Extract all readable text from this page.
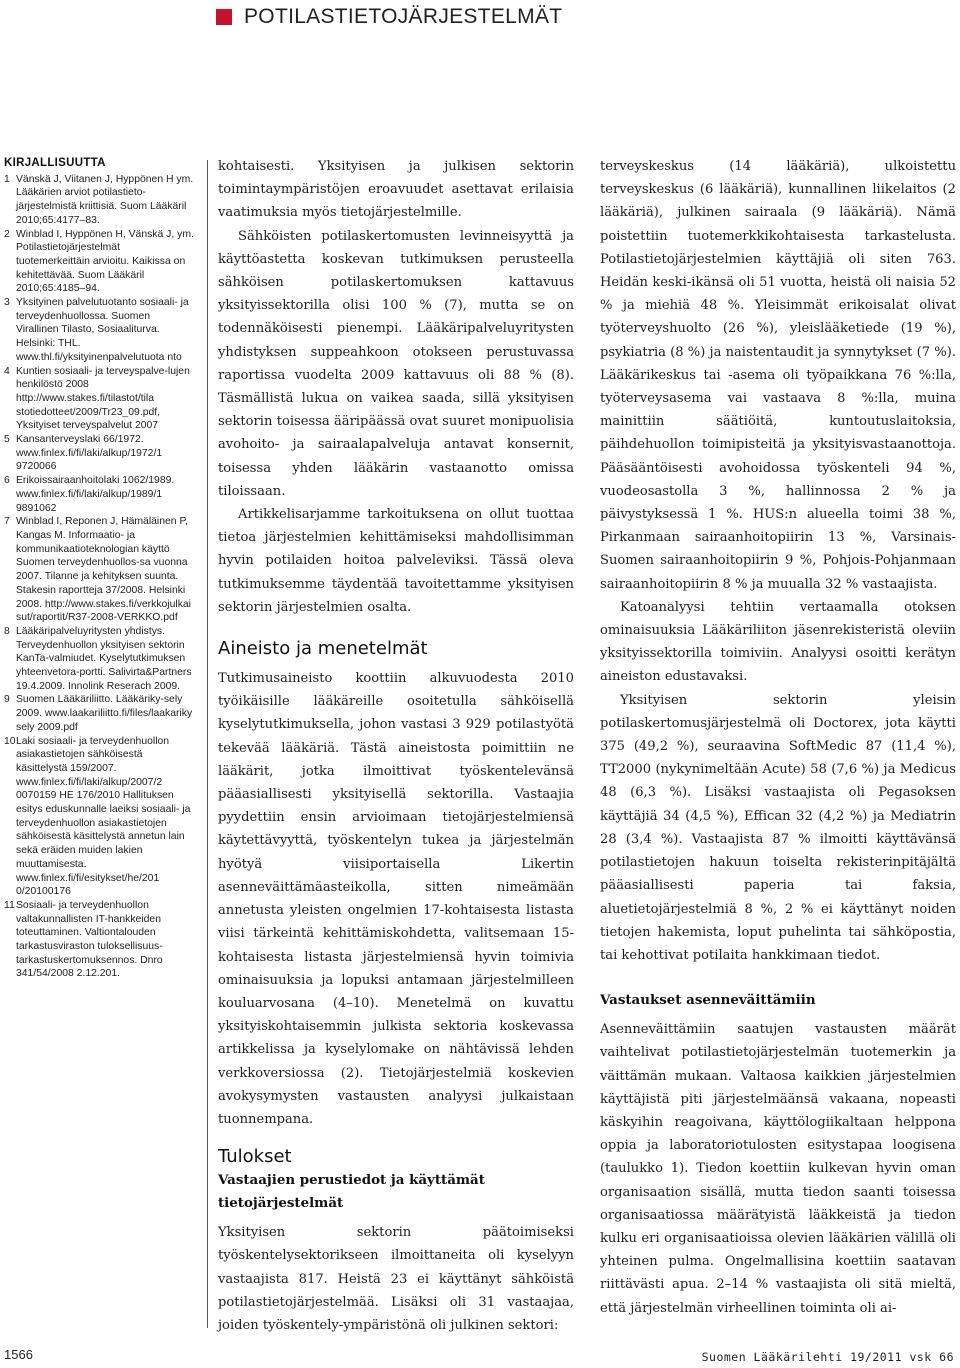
POTILASTIETOJÄRJESTELMÄT
KIRJALLISUUTTA
1 Vänskä J, Viitanen J, Hyppönen H ym. Lääkärien arviot potilastieto-järjestelmistä kriittisiä. Suom Lääkäril 2010;65:4177–83.
2 Winblad I, Hyppönen H, Vänskä J, ym. Potilastietojärjestelmät tuotemerkeittäin arvioitu. Kaikissa on kehitettävää. Suom Lääkäril 2010;65:4185–94.
3 Yksityinen palvelutuotanto sosiaali- ja terveydenhuollossa. Suomen Virallinen Tilasto, Sosiaaliturva. Helsinki: THL. www.thl.fi/yksityinenpalvelutuota nto
4 Kuntien sosiaali- ja terveyspalve-lujen henkilöstö 2008 http://www.stakes.fi/tilastot/tila stotiedotteet/2009/Tr23_09.pdf, Yksityiset terveyspalvelut 2007
5 Kansanterveyslaki 66/1972. www.finlex.fi/fi/laki/alkup/1972/1 9720066
6 Erikoissairaanhoitolaki 1062/1989. www.finlex.fi/fi/laki/alkup/1989/1 9891062
7 Winblad I, Reponen J, Hämäläinen P, Kangas M. Informaatio- ja kommunikaatioteknologian käyttö Suomen terveydenhuollos-sa vuonna 2007. Tilanne ja kehityksen suunta. Stakesin raportteja 37/2008. Helsinki 2008. http://www.stakes.fi/verkkojulkai sut/raportit/R37-2008-VERKKO.pdf
8 Lääkäripalveluyritysten yhdistys. Terveydenhuollon yksityisen sektorin KanTa-valmiudet. Kyselytutkimuksen yhteenvetora-portti. Salivirta&Partners 19.4.2009. Innolink Reserach 2009.
9 Suomen Lääkäriliitto. Lääkäriky-sely 2009. www.laakariliitto.fi/files/laakariky sely 2009.pdf
10 Laki sosiaali- ja terveydenhuollon asiakastietojen sähköisestä käsittelystä 159/2007. www.finlex.fi/fi/laki/alkup/2007/2 0070159 HE 176/2010 Hallituksen esitys eduskunnalle laeiksi sosiaali- ja terveydenhuollon asiakastietojen sähköisestä käsittelystä annetun lain sekä eräiden muiden lakien muuttamisesta. www.finlex.fi/fi/esitykset/he/201 0/20100176
11 Sosiaali- ja terveydenhuollon valtakunnallisten IT-hankkeiden toteuttaminen. Valtiontalouden tarkastusviraston tuloksellisuus-tarkastuskertomuksennos. Dnro 341/54/2008 2.12.201.

kohtaisesti. Yksityisen ja julkisen sektorin toimintaympäristöjen eroavuudet asettavat erilaisia vaatimuksia myös tietojärjestelmille.

Sähköisten potilaskertomusten levinneisyyttä ja käyttöastetta koskevan tutkimuksen perusteella sähköisen potilaskertomuksen kattavuus yksityissektorilla olisi 100 % (7), mutta se on todennäköisesti pienempi. Lääkäripalveluyritysten yhdistyksen suppeahkoon otokseen perustuvassa raportissa vuodelta 2009 kattavuus oli 88 % (8). Täsmällistä lukua on vaikea saada, sillä yksityisen sektorin toisessa ääripäässä ovat suuret monipuolisia avohoito- ja sairaalapalveluja antavat konsernit, toisessa yhden lääkärin vastaanotto omissa tiloissaan.

Artikkelisarjamme tarkoituksena on ollut tuottaa tietoa järjestelmien kehittämiseksi mahdollisimman hyvin potilaiden hoitoa palveleviksi. Tässä oleva tutkimuksemme täydentää tavoitettamme yksityisen sektorin järjestelmien osalta.

Aineisto ja menetelmät

Tutkimusaineisto koottiin alkuvuodesta 2010 työikäisille lääkäreille osoitetulla sähköisellä kyselytutkimuksella, johon vastasi 3 929 potilastyötä tekevää lääkäriä. Tästä aineistosta poimittiin ne lääkärit, jotka ilmoittivat työskentelevänsä pääasiallisesti yksityisellä sektorilla. Vastaajia pyydettiin ensin arvioimaan tietojärjestelmiensä käytettävyyttä, työskentelyn tukea ja järjestelmän hyötyä viisiportaisella Likertin asenneväittämäasteikolla, sitten nimeämään annetusta yleisten ongelmien 17-kohtaisesta listasta viisi tärkeintä kehittämiskohdetta, valitsemaan 15-kohtaisesta listasta järjestelmiensä hyvin toimivia ominaisuuksia ja lopuksi antamaan järjestelmilleen kouluarvosana (4–10). Menetelmä on kuvattu yksityiskohtaisemmin julkista sektoria koskevassa artikkelissa ja kyselylomake on nähtävissä lehden verkkoversiossa (2). Tietojärjestelmiä koskevien avokysymysten vastausten analyysi julkaistaan tuonnempana.

Tulokset
Vastaajien perustiedot ja käyttämät tietojärjestelmät

Yksityisen sektorin päätoimiseksi työskentelysektorikseen ilmoittaneita oli kyselyyn vastaajista 817. Heistä 23 ei käyttänyt sähköistä potilastietojärjestelmää. Lisäksi oli 31 vastaajaa, joiden työskentely-ympäristönä oli julkinen sektori:

terveyskeskus (14 lääkäriä), ulkoistettu terveyskeskus (6 lääkäriä), kunnallinen liikelaitos (2 lääkäriä), julkinen sairaala (9 lääkäriä). Nämä poistettiin tuotemerkkikohtaisesta tarkastelusta. Potilastietojärjestelmien käyttäjiä oli siten 763. Heidän keski-ikänsä oli 51 vuotta, heistä oli naisia 52 % ja miehiä 48 %. Yleisimmät erikoisalat olivat työterveyshuolto (26 %), yleislääketiede (19 %), psykiatria (8 %) ja naistentaudit ja synnytykset (7 %). Lääkärikeskus tai -asema oli työpaikkana 76 %:lla, työterveysasema vai vastaava 8 %:lla, muina mainittiin säätiöitä, kuntoutuslaitoksia, päihdehuollon toimipisteitä ja yksityisvastaanottoja. Pääsääntöisesti avohoidossa työskenteli 94 %, vuodeosastolla 3 %, hallinnossa 2 % ja päivystyksessä 1 %. HUS:n alueella toimi 38 %, Pirkanmaan sairaanhoitopiirin 13 %, Varsinais-Suomen sairaanhoitopiirin 9 %, Pohjois-Pohjanmaan sairaanhoitopiirin 8 % ja muualla 32 % vastaajista.

Katoanalyysi tehtiin vertaamalla otoksen ominaisuuksia Lääkäriliiton jäsenrekisteristä oleviin yksityissektorilla toimiviin. Analyysi osoitti kerätyn aineiston edustavaksi.

Yksityisen sektorin yleisin potilaskertomusjärjestelmä oli Doctorex, jota käytti 375 (49,2 %), seuraavina SoftMedic 87 (11,4 %), TT2000 (nykynimeltään Acute) 58 (7,6 %) ja Medicus 48 (6,3 %). Lisäksi vastaajista oli Pegasoksen käyttäjiä 34 (4,5 %), Effican 32 (4,2 %) ja Mediatrin 28 (3,4 %). Vastaajista 87 % ilmoitti käyttävänsä potilastietojen hakuun toiselta rekisterinpitäjältä pääasiallisesti paperia tai faksia, aluetietojärjestelmiä 8 %, 2 % ei käyttänyt noiden tietojen hakemista, loput puhelinta tai sähköpostia, tai kehottivat potilaita hankkimaan tiedot.

Vastaukset asenneväittämiin

Asenneväittämiin saatujen vastausten määrät vaihtelivat potilastietojärjestelmän tuotemerkin ja väittämän mukaan. Valtaosa kaikkien järjestelmien käyttäjistä piti järjestelmäänsä vakaana, nopeasti käskyihin reagoivana, käyttölogiikaltaan helppona oppia ja laboratoriotulosten esitystapaa loogisena (taulukko 1). Tiedon koettiin kulkevan hyvin oman organisaation sisällä, mutta tiedon saanti toisessa organisaatiossa määrätyistä lääkkeistä ja tiedon kulku eri organisaatioissa olevien lääkärien välillä oli yhteinen pulma. Ongelmallisina koettiin saatavan riittävästi apua. 2–14 % vastaajista oli sitä mieltä, että järjestelmän virheellinen toiminta oli ai-

1566	Suomen Lääkärilehti 19/2011 vsk 66
